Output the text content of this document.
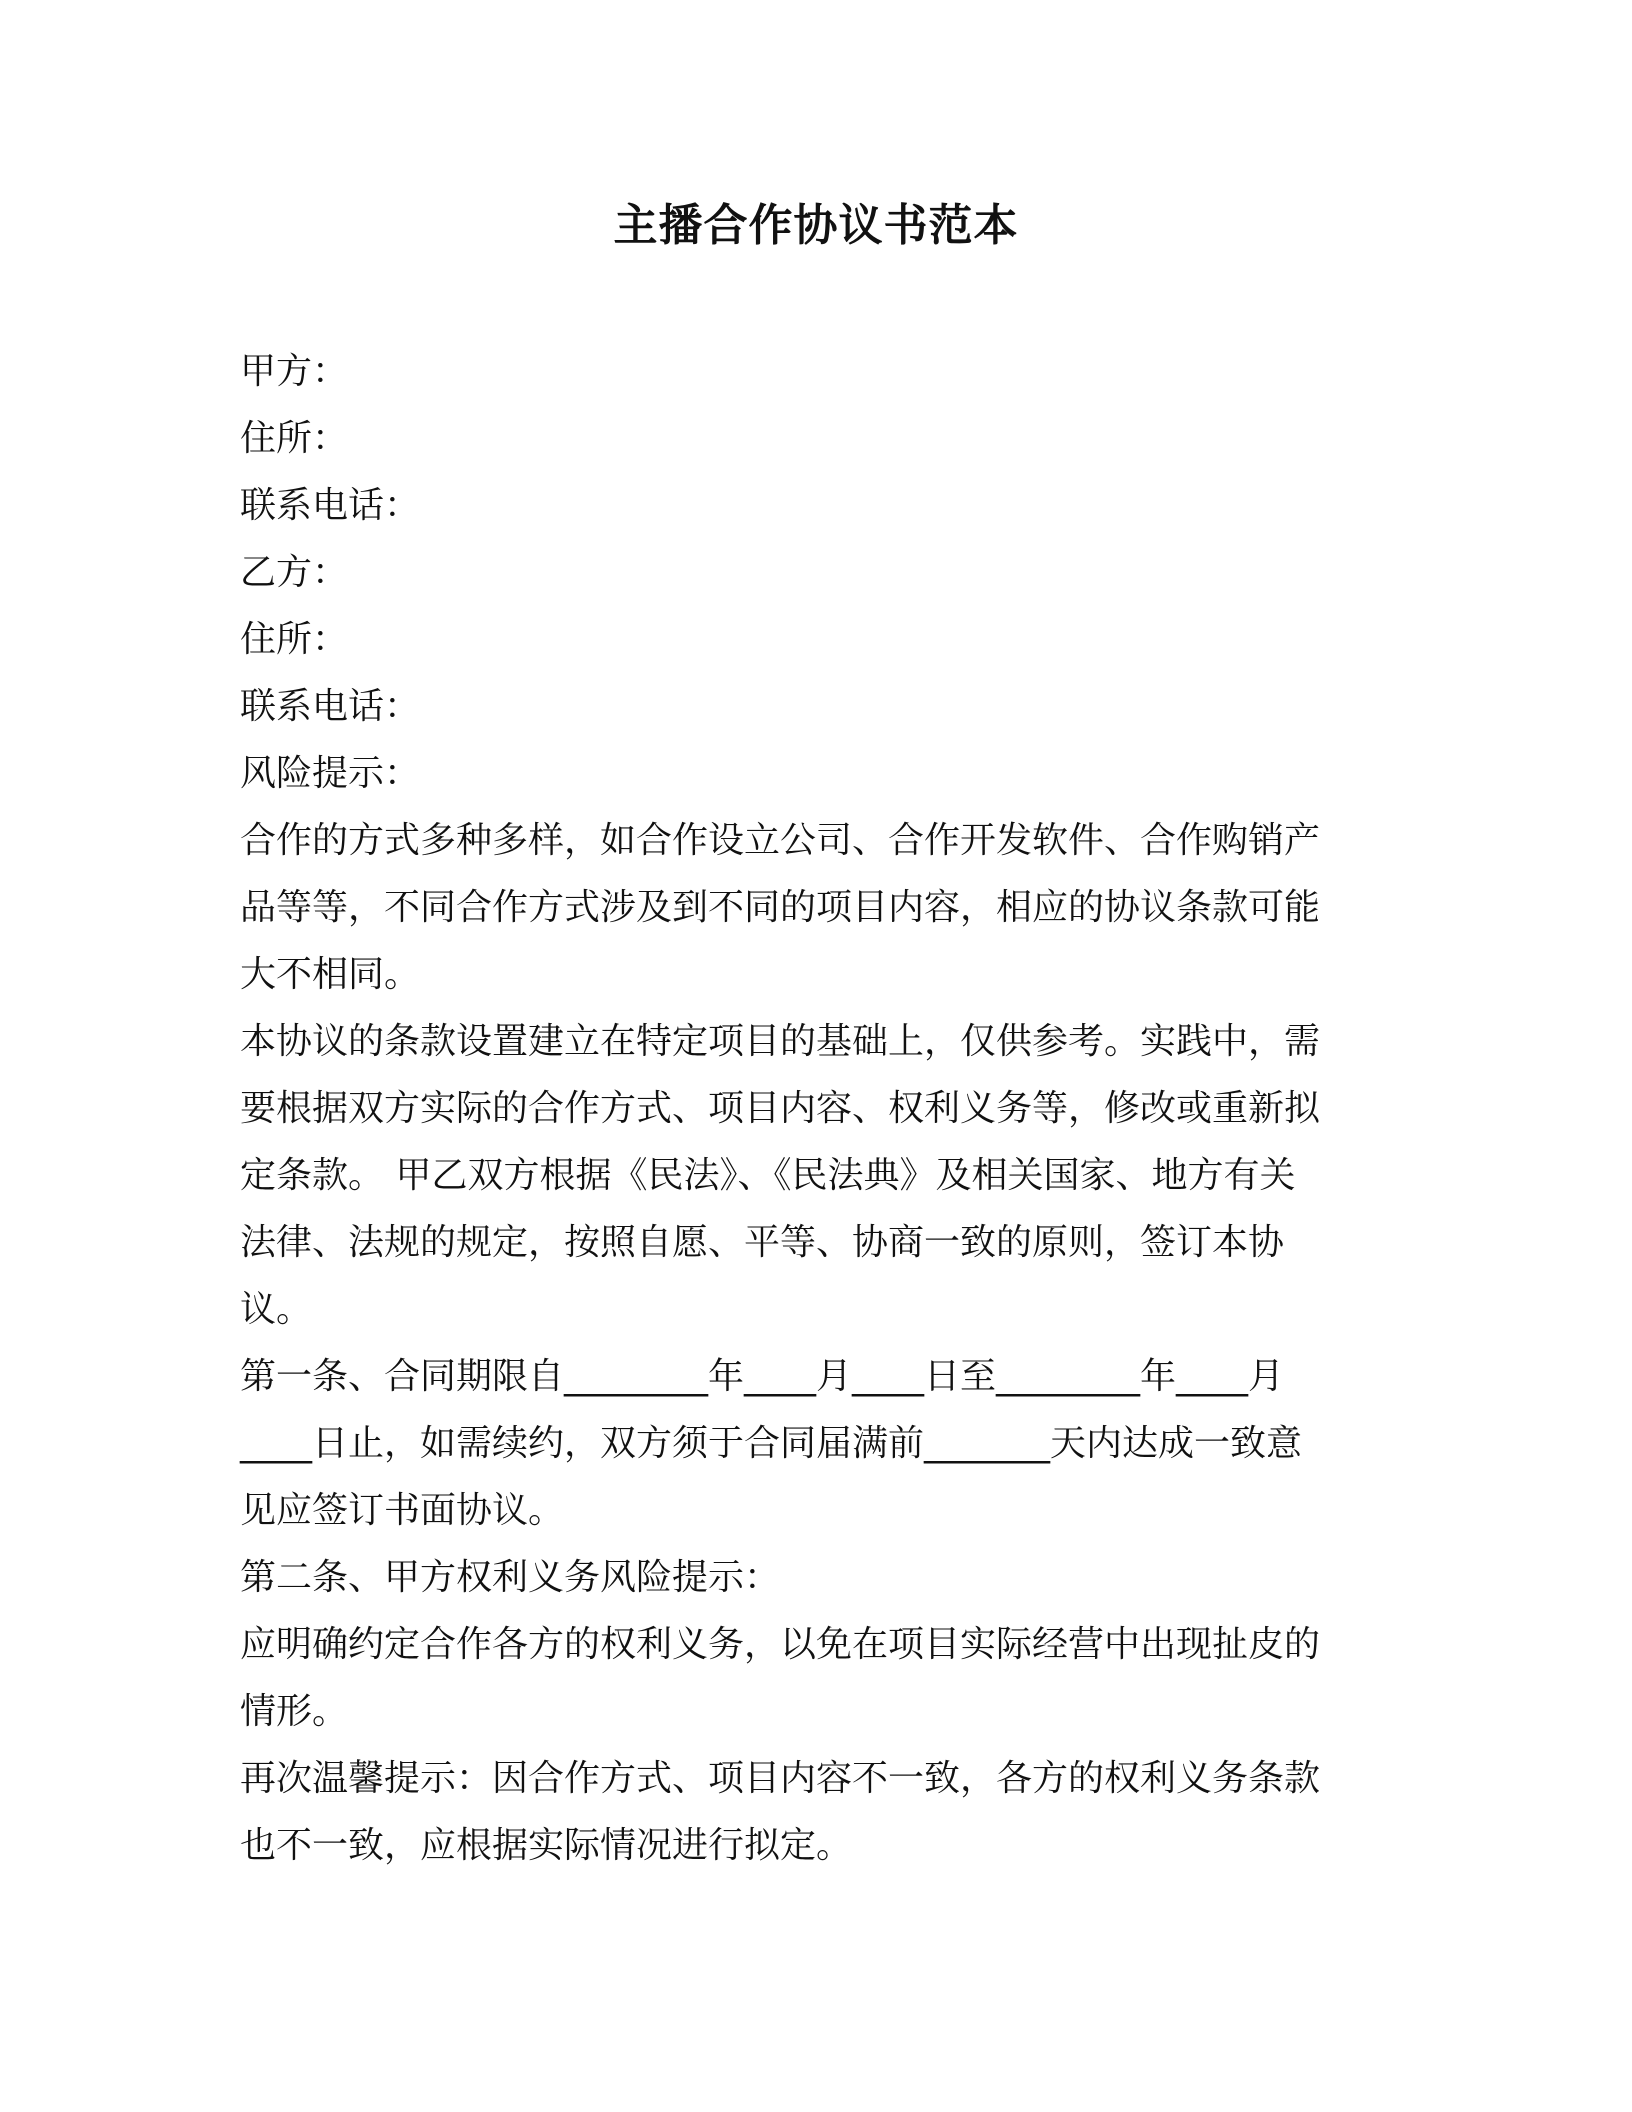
主播合作协议书范本

甲方：

住所：

联系电话：

乙方：

住所：

联系电话：

风险提示：

合作的方式多种多样，如合作设立公司、合作开发软件、合作购销产

品等等，不同合作方式涉及到不同的项目内容，相应的协议条款可能

大不相同。

本协议的条款设置建立在特定项目的基础上，仅供参考。实践中，需

要根据双方实际的合作方式、项目内容、权利义务等，修改或重新拟

定条款。 甲乙双方根据《民法》、《民法典》及相关国家、地方有关

法律、法规的规定，按照自愿、平等、协商一致的原则，签订本协

议。

第一条、合同期限自________年____月____日至________年____月

____日止，如需续约，双方须于合同届满前_______天内达成一致意

见应签订书面协议。

第二条、甲方权利义务风险提示：

应明确约定合作各方的权利义务，以免在项目实际经营中出现扯皮的

情形。

再次温馨提示：因合作方式、项目内容不一致，各方的权利义务条款

也不一致，应根据实际情况进行拟定。
